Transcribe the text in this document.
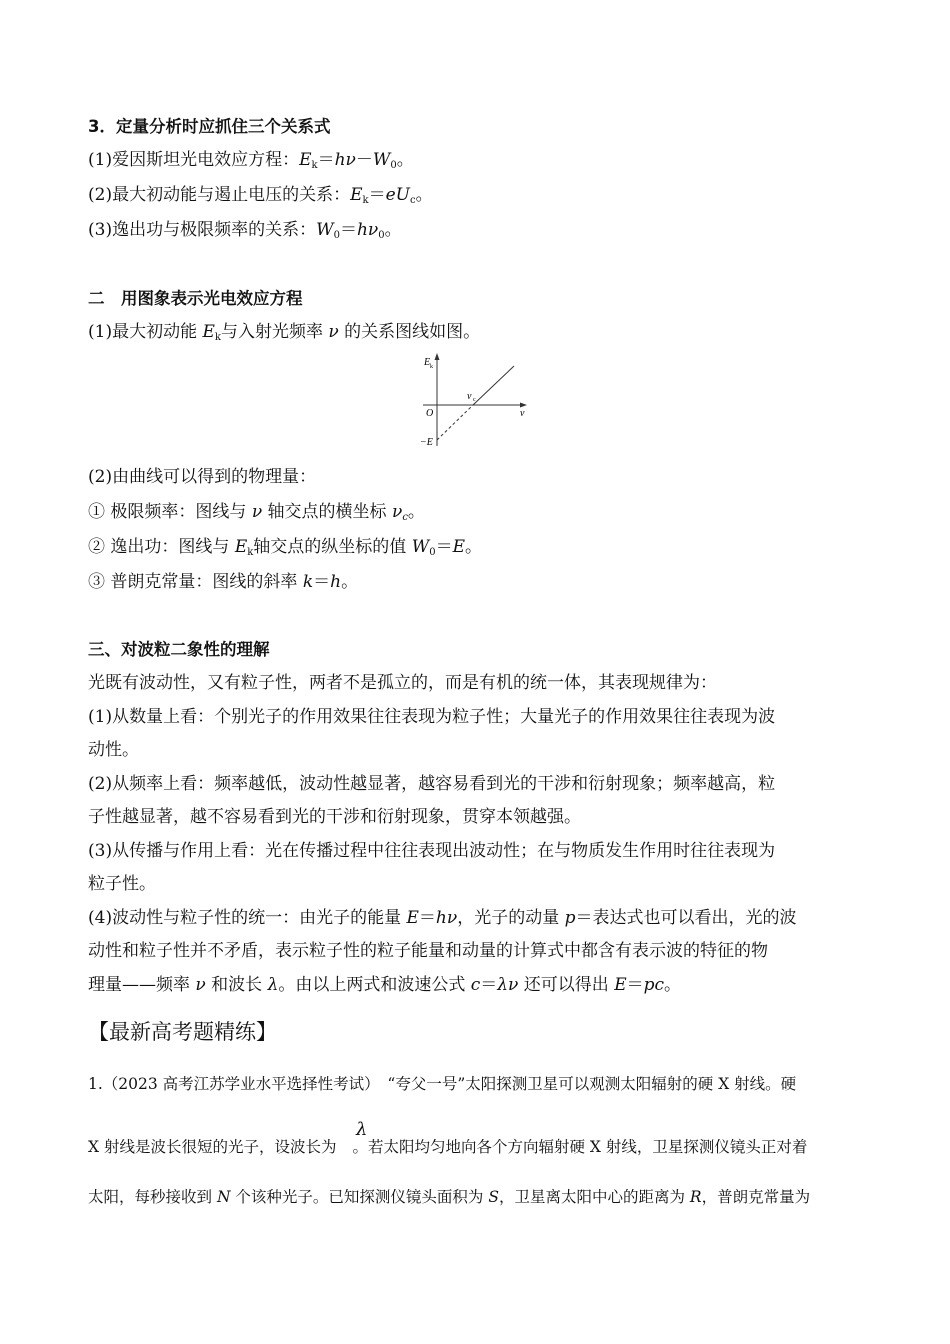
3．定量分析时应抓住三个关系式
(1)爱因斯坦光电效应方程：$E_k=h\nu-W_0$。
(2)最大初动能与遏止电压的关系：$E_k=eU_c$。
(3)逸出功与极限频率的关系：$W_0=h\nu_0$。
二　用图象表示光电效应方程
(1)最大初动能 $E_k$与入射光频率 ν 的关系图线如图。
E k
O	ν
ν c
−E
(2)由曲线可以得到的物理量：
① 极限频率：图线与 ν 轴交点的横坐标 $\nu_c$。
② 逸出功：图线与 $E_k$轴交点的纵坐标的值 $W_0=E$。
③ 普朗克常量：图线的斜率 k＝h。
三、对波粒二象性的理解
光既有波动性，又有粒子性，两者不是孤立的，而是有机的统一体，其表现规律为：
(1)从数量上看：个别光子的作用效果往往表现为粒子性；大量光子的作用效果往往表现为波
动性。
(2)从频率上看：频率越低，波动性越显著，越容易看到光的干涉和衍射现象；频率越高，粒
子性越显著，越不容易看到光的干涉和衍射现象，贯穿本领越强。
(3)从传播与作用上看：光在传播过程中往往表现出波动性；在与物质发生作用时往往表现为
粒子性。
(4)波动性与粒子性的统一：由光子的能量 E＝hν，光子的动量 p＝表达式也可以看出，光的波
动性和粒子性并不矛盾，表示粒子性的粒子能量和动量的计算式中都含有表示波的特征的物
理量——频率 ν 和波长 λ。由以上两式和波速公式 c＝λν 还可以得出 E＝pc。
【最新高考题精练】
1.（2023 高考江苏学业水平选择性考试）　“夸父一号”太阳探测卫星可以观测太阳辐射的硬 X 射线。硬
λ
X 射线是波长很短的光子，设波长为 。若太阳均匀地向各个方向辐射硬 X 射线，卫星探测仪镜头正对着
太阳，每秒接收到 N 个该种光子。已知探测仪镜头面积为 S，卫星离太阳中心的距离为 R，普朗克常量为
